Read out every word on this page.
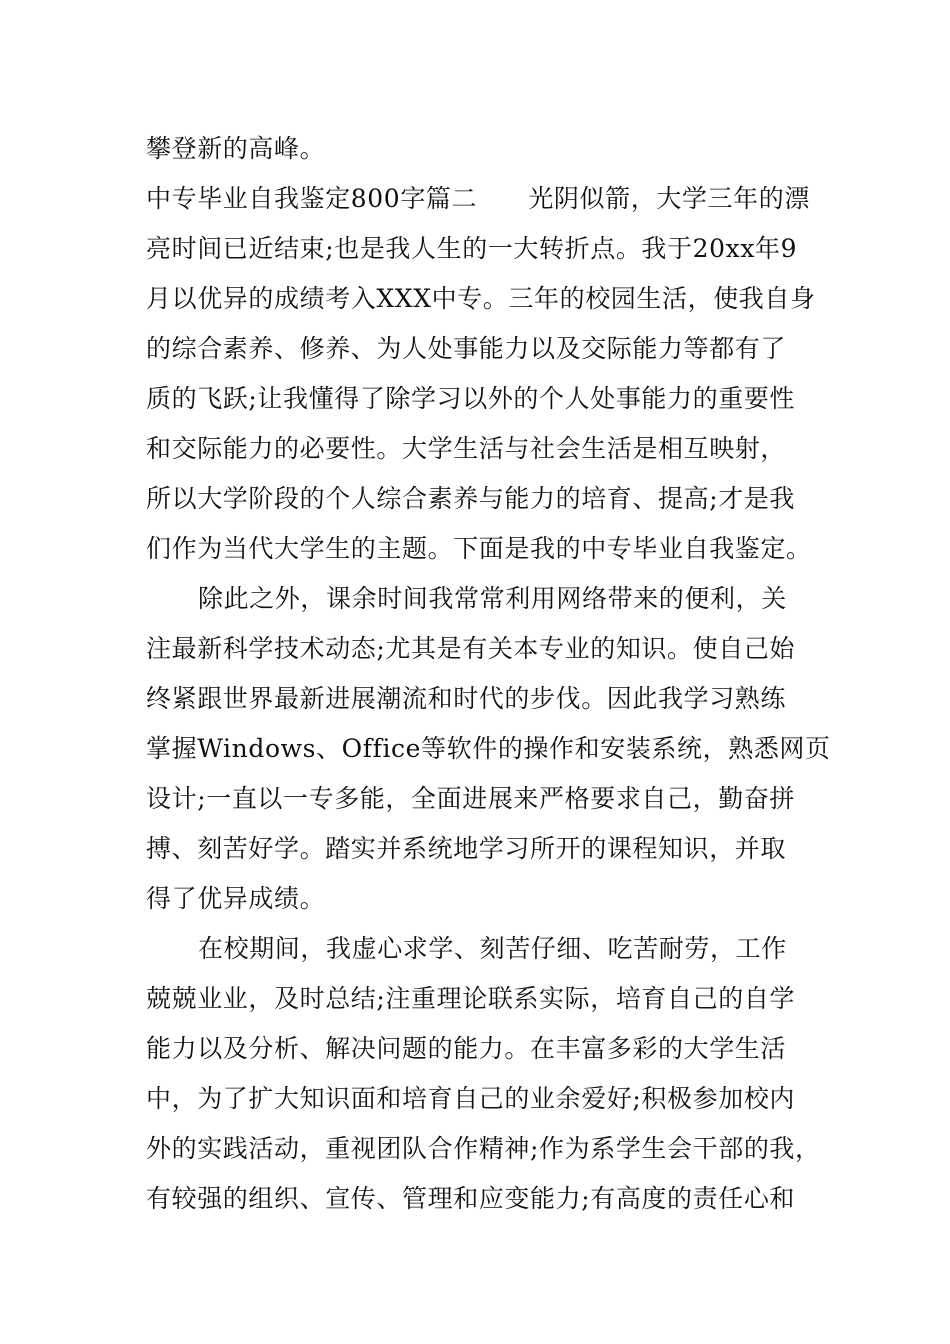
攀登新的高峰。
中专毕业自我鉴定800字篇二　　光阴似箭，大学三年的漂
亮时间已近结束;也是我人生的一大转折点。我于20xx年9
月以优异的成绩考入XXX中专。三年的校园生活，使我自身
的综合素养、修养、为人处事能力以及交际能力等都有了
质的飞跃;让我懂得了除学习以外的个人处事能力的重要性
和交际能力的必要性。大学生活与社会生活是相互映射，
所以大学阶段的个人综合素养与能力的培育、提高;才是我
们作为当代大学生的主题。下面是我的中专毕业自我鉴定。
除此之外，课余时间我常常利用网络带来的便利，关
注最新科学技术动态;尤其是有关本专业的知识。使自己始
终紧跟世界最新进展潮流和时代的步伐。因此我学习熟练
掌握Windows、Office等软件的操作和安装系统，熟悉网页
设计;一直以一专多能，全面进展来严格要求自己，勤奋拼
搏、刻苦好学。踏实并系统地学习所开的课程知识，并取
得了优异成绩。
在校期间，我虚心求学、刻苦仔细、吃苦耐劳，工作
兢兢业业，及时总结;注重理论联系实际，培育自己的自学
能力以及分析、解决问题的能力。在丰富多彩的大学生活
中，为了扩大知识面和培育自己的业余爱好;积极参加校内
外的实践活动，重视团队合作精神;作为系学生会干部的我，
有较强的组织、宣传、管理和应变能力;有高度的责任心和
